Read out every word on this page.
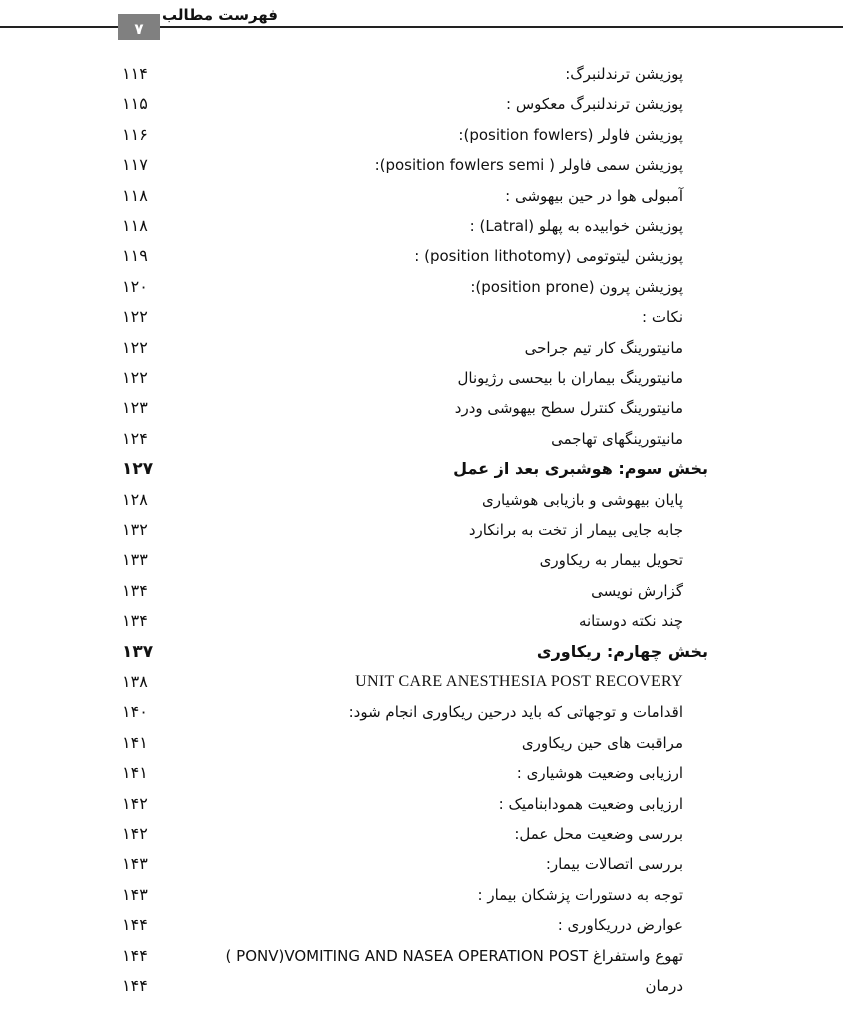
۷
فهرست مطالب
۱۱۴	پوزیشن ترندلنبرگ:
۱۱۵	پوزیشن ترندلنبرگ معکوس :
۱۱۶	پوزیشن فاولر (position fowlers):
۱۱۷	پوزیشن سمی فاولر ( position fowlers semi):
۱۱۸	آمبولی هوا در حین بیهوشی :
۱۱۸	پوزیشن خوابیده به پهلو (Latral) :
۱۱۹	پوزیشن لیتوتومی (position lithotomy) :
۱۲۰	پوزیشن پرون (position prone):
۱۲۲	نکات :
۱۲۲	مانیتورینگ کار تیم جراحی
۱۲۲	مانیتورینگ بیماران با بیحسی رژیونال
۱۲۳	مانیتورینگ کنترل سطح بیهوشی ودرد
۱۲۴	مانیتورینگهای تهاجمی
۱۲۷	بخش سوم: هوشبری بعد از عمل
۱۲۸	پایان بیهوشی و بازیابی هوشیاری
۱۳۲	جابه جایی بیمار از تخت به برانکارد
۱۳۳	تحویل بیمار به ریکاوری
۱۳۴	گزارش نویسی
۱۳۴	چند نکته دوستانه
۱۳۷	بخش چهارم: ریکاوری
۱۳۸	UNIT CARE ANESTHESIA POST RECOVERY
۱۴۰	اقدامات و توجهاتی که باید درحین ریکاوری انجام شود:
۱۴۱	مراقبت های حین ریکاوری
۱۴۱	ارزیابی وضعیت هوشیاری :
۱۴۲	ارزیابی وضعیت همودابنامیک :
۱۴۲	بررسی وضعیت محل عمل:
۱۴۳	بررسی اتصالات بیمار:
۱۴۳	توجه به دستورات پزشکان بیمار :
۱۴۴	عوارض درریکاوری :
۱۴۴	تهوع واستفراغ PONV)VOMITING AND NASEA OPERATION POST )
۱۴۴	درمان
